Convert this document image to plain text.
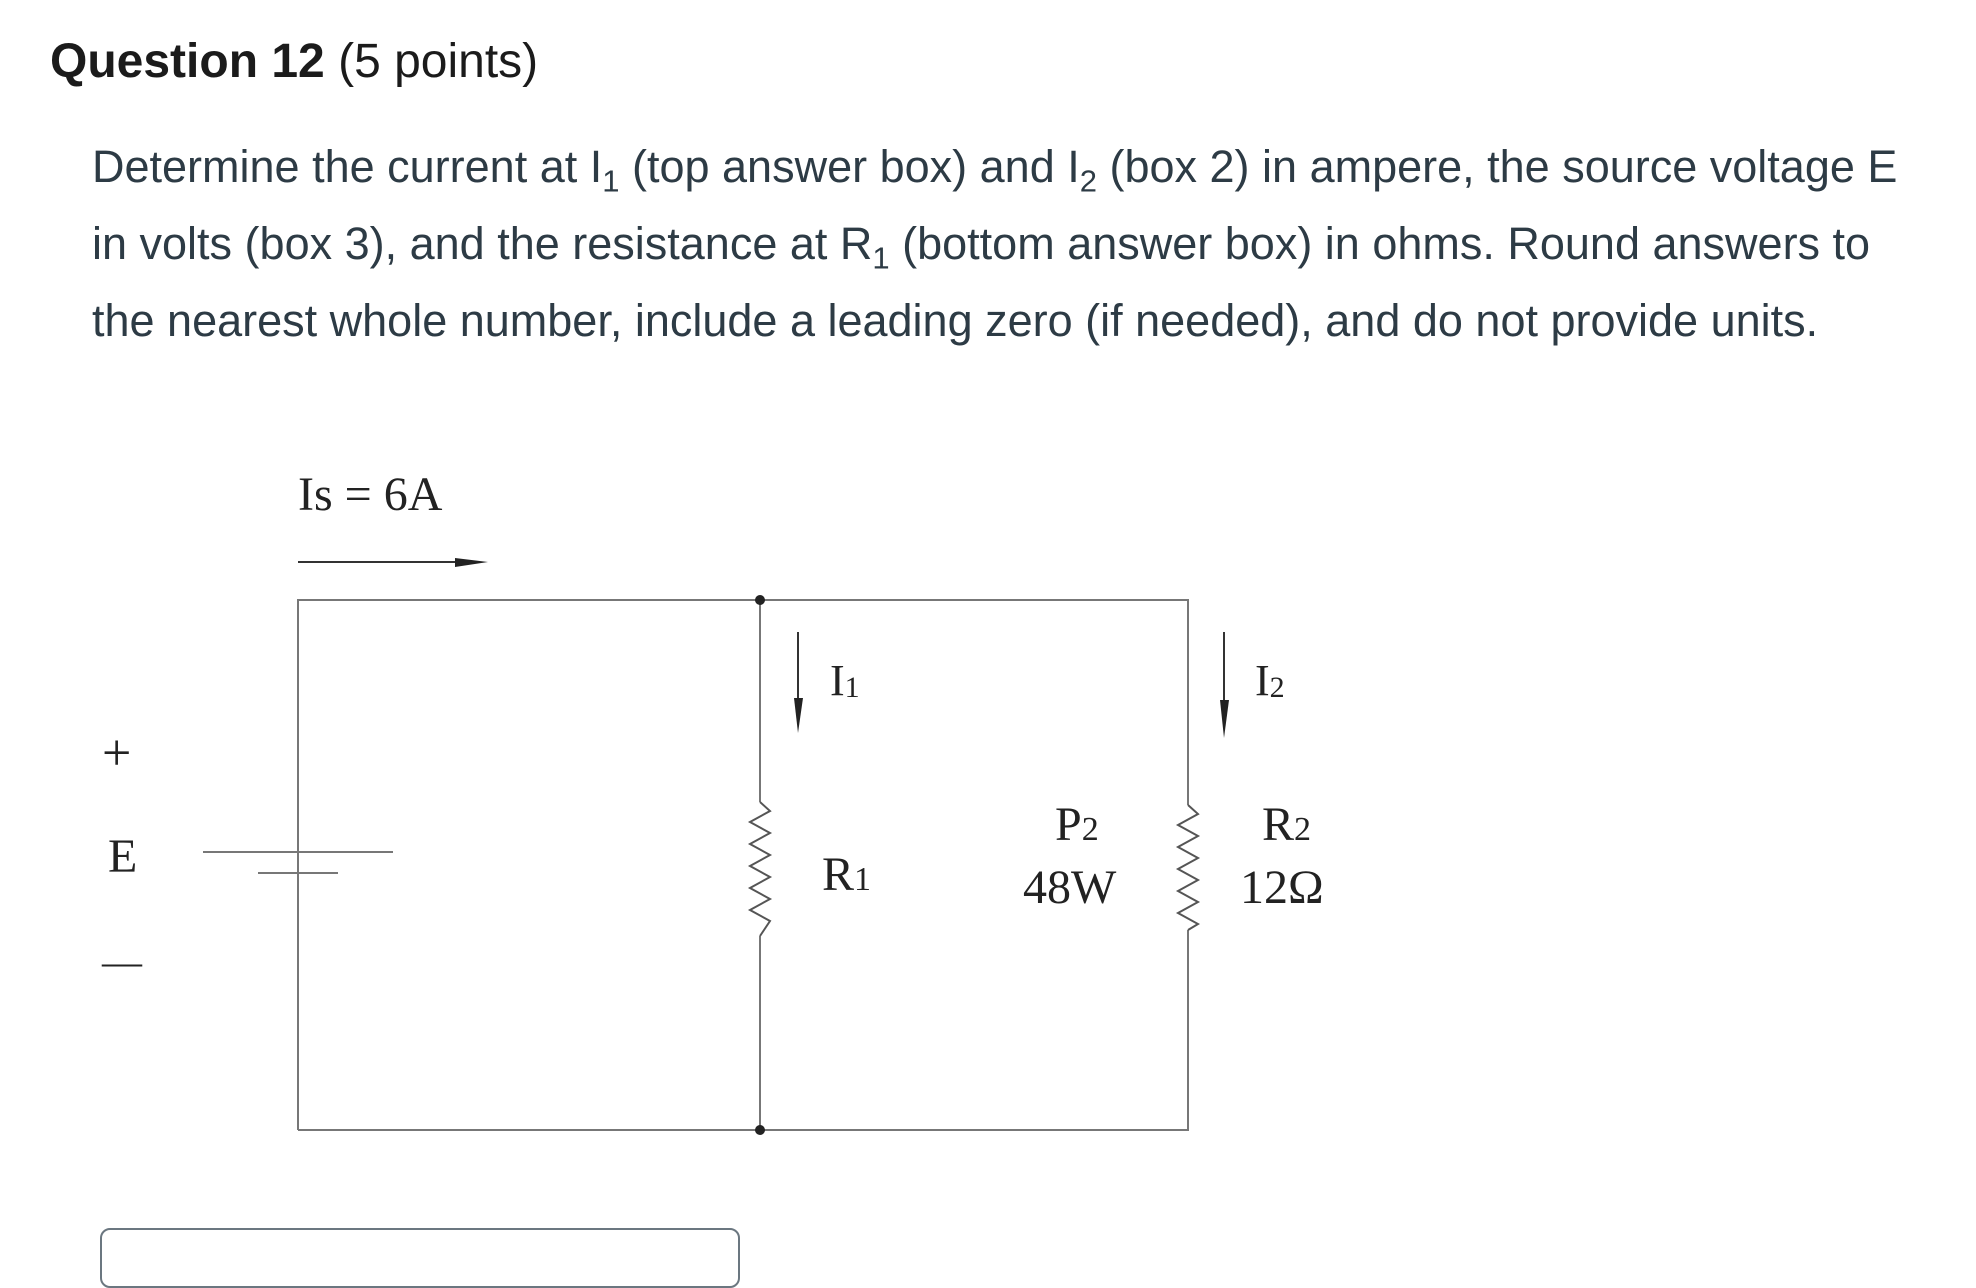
Question 12 (5 points)

Determine the current at $I_1$ (top answer box) and $I_2$ (box 2) in ampere, the source voltage E in volts (box 3), and the resistance at $R_1$ (bottom answer box) in ohms. Round answers to the nearest whole number, include a leading zero (if needed), and do not provide units.

Is = 6A
+
E
—
I1	I2
R1
P2
48W
R2
12Ω
